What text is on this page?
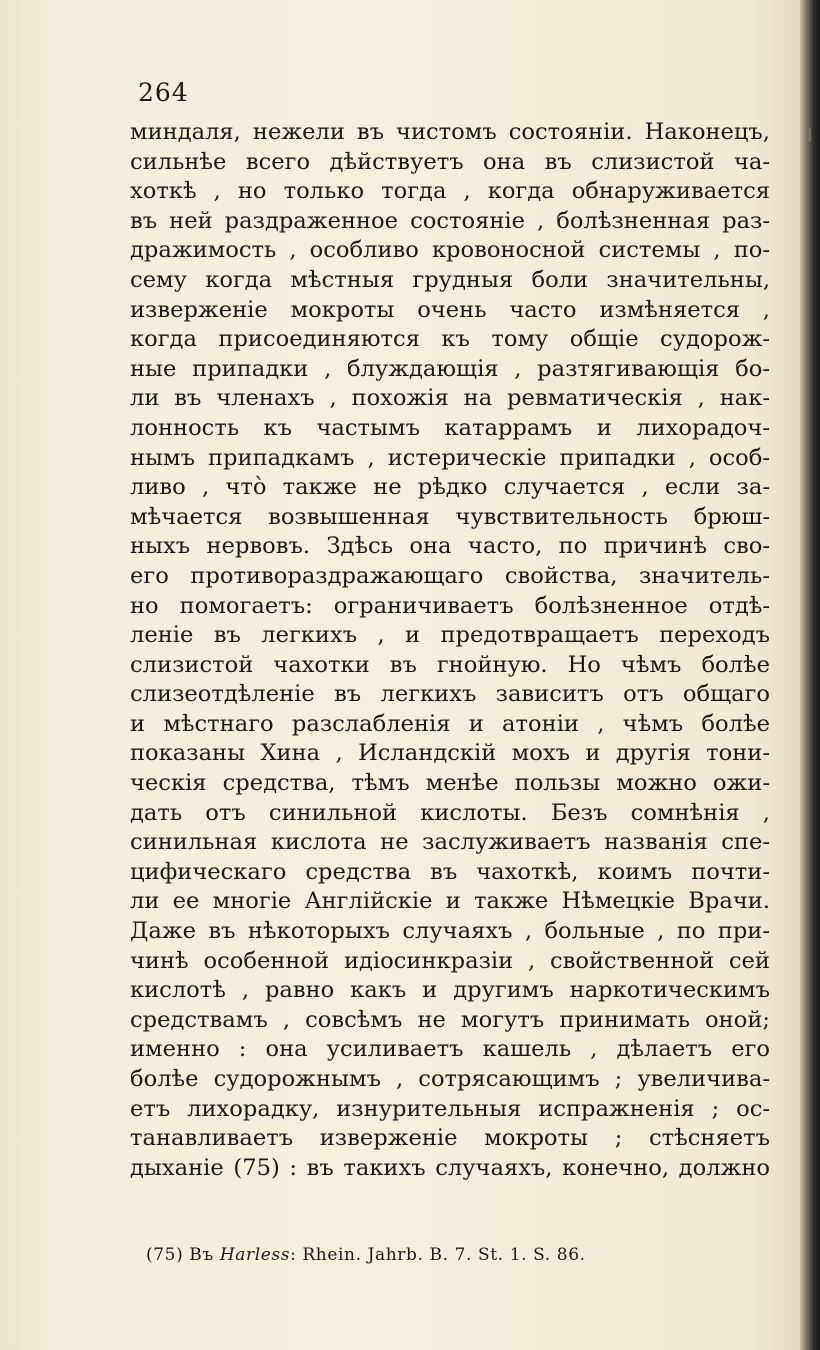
264
миндаля, нежели въ чистомъ состояніи. Наконецъ,
сильнѣе всего дѣйствуетъ она въ слизистой ча-
хоткѣ , но только тогда , когда обнаруживается
въ ней раздраженное состояніе , болѣзненная раз-
дражимость , особливо кровоносной системы , по-
сему когда мѣстныя грудныя боли значительны,
изверженіе мокроты очень часто измѣняется ,
когда присоединяются къ тому общіе судорож-
ные припадки , блуждающія , разтягивающія бо-
ли въ членахъ , похожія на ревматическія , нак-
лонность къ частымъ катаррамъ и лихорадоч-
нымъ припадкамъ , истерическіе припадки , особ-
ливо , что̀ также не рѣдко случается , если за-
мѣчается возвышенная чувствительность брюш-
ныхъ нервовъ. Здѣсь она часто, по причинѣ сво-
его противораздражающаго свойства, значитель-
но помогаетъ: ограничиваетъ болѣзненное отдѣ-
леніе въ легкихъ , и предотвращаетъ переходъ
слизистой чахотки въ гнойную. Но чѣмъ болѣе
слизеотдѣленіе въ легкихъ зависитъ отъ общаго
и мѣстнаго разслабленія и атоніи , чѣмъ болѣе
показаны Хина , Исландскій мохъ и другія тони-
ческія средства, тѣмъ менѣе пользы можно ожи-
дать отъ синильной кислоты. Безъ сомнѣнія ,
синильная кислота не заслуживаетъ названія спе-
цифическаго средства въ чахоткѣ, коимъ почти-
ли ее многіе Англійскіе и также Нѣмецкіе Врачи.
Даже въ нѣкоторыхъ случаяхъ , больные , по при-
чинѣ особенной идіосинкразіи , свойственной сей
кислотѣ , равно какъ и другимъ наркотическимъ
средствамъ , совсѣмъ не могутъ принимать оной;
именно : она усиливаетъ кашель , дѣлаетъ его
болѣе судорожнымъ , сотрясающимъ ; увеличива-
етъ лихорадку, изнурительныя испражненія ; ос-
танавливаетъ изверженіе мокроты ; стѣсняетъ
дыханіе (75) : въ такихъ случаяхъ, конечно, должно
(75) Въ Harless: Rhein. Jahrb. B. 7. St. 1. S. 86.
